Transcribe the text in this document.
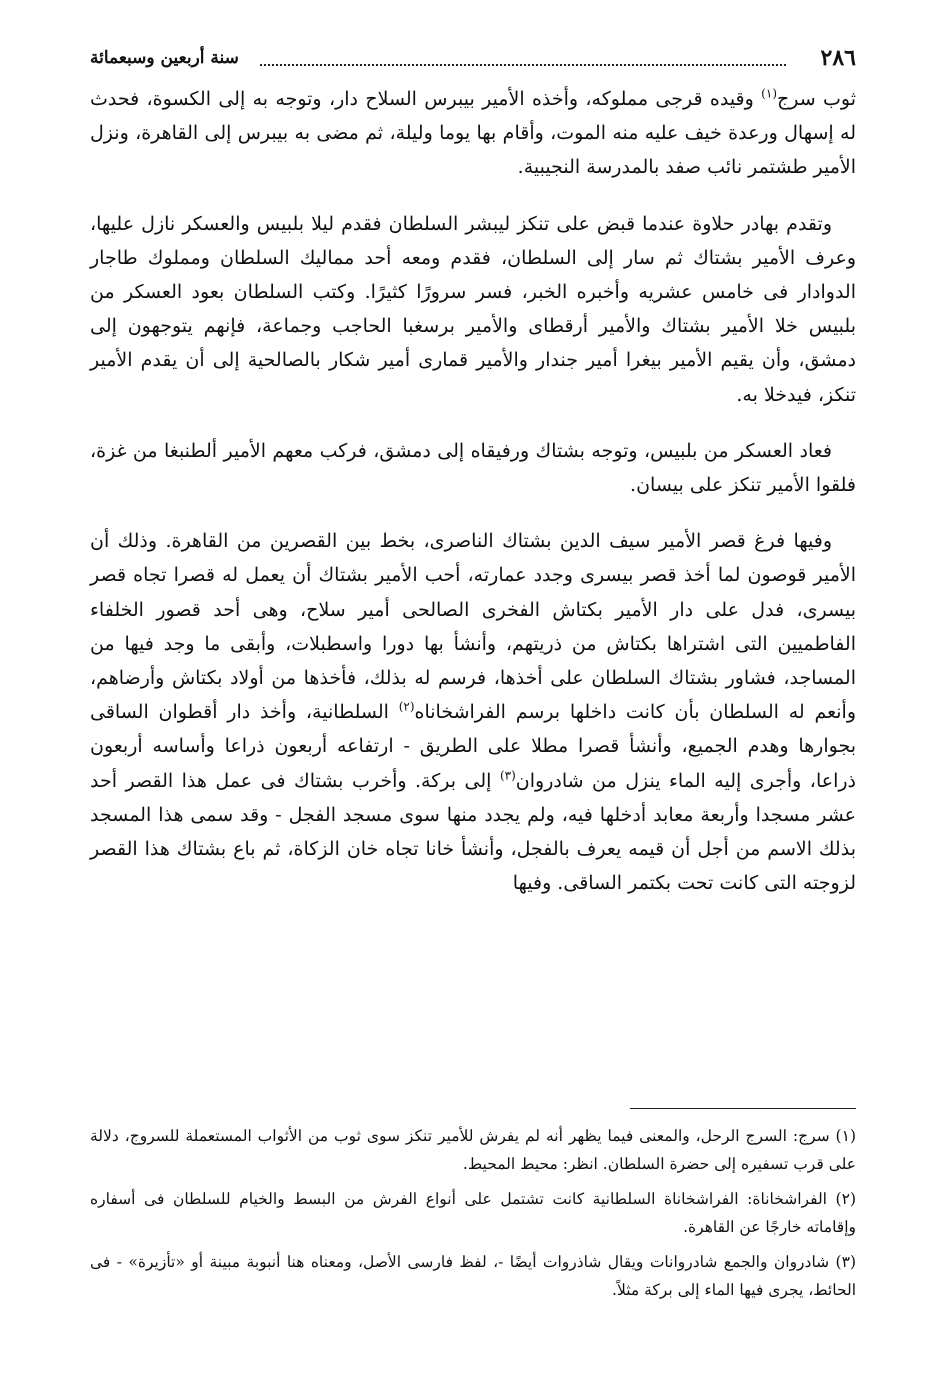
٢٨٦
سنة أربعين وسبعمائة

ثوب سرج$^{(١)}$ وقيده قرجى مملوكه، وأخذه الأمير بيبرس السلاح دار، وتوجه به إلى الكسوة، فحدث له إسهال ورعدة خيف عليه منه الموت، وأقام بها يوما وليلة، ثم مضى به بيبرس إلى القاهرة، ونزل الأمير طشتمر نائب صفد بالمدرسة النجيبية.

وتقدم بهادر حلاوة عندما قبض على تنكز ليبشر السلطان فقدم ليلا بلبيس والعسكر نازل عليها، وعرف الأمير بشتاك ثم سار إلى السلطان، فقدم ومعه أحد مماليك السلطان ومملوك طاجار الدوادار فى خامس عشريه وأخبره الخبر، فسر سرورًا كثيرًا. وكتب السلطان بعود العسكر من بلبيس خلا الأمير بشتاك والأمير أرقطاى والأمير برسغبا الحاجب وجماعة، فإنهم يتوجهون إلى دمشق، وأن يقيم الأمير بيغرا أمير جندار والأمير قمارى أمير شكار بالصالحية إلى أن يقدم الأمير تنكز، فيدخلا به.

فعاد العسكر من بلبيس، وتوجه بشتاك ورفيقاه إلى دمشق، فركب معهم الأمير ألطنبغا من غزة، فلقوا الأمير تنكز على بيسان.

وفيها فرغ قصر الأمير سيف الدين بشتاك الناصرى، بخط بين القصرين من القاهرة. وذلك أن الأمير قوصون لما أخذ قصر بيسرى وجدد عمارته، أحب الأمير بشتاك أن يعمل له قصرا تجاه قصر بيسرى، فدل على دار الأمير بكتاش الفخرى الصالحى أمير سلاح، وهى أحد قصور الخلفاء الفاطميين التى اشتراها بكتاش من ذريتهم، وأنشأ بها دورا واسطبلات، وأبقى ما وجد فيها من المساجد، فشاور بشتاك السلطان على أخذها، فرسم له بذلك، فأخذها من أولاد بكتاش وأرضاهم، وأنعم له السلطان بأن كانت داخلها برسم الفراشخاناه$^{(٢)}$ السلطانية، وأخذ دار أقطوان الساقى بجوارها وهدم الجميع، وأنشأ قصرا مطلا على الطريق - ارتفاعه أربعون ذراعا وأساسه أربعون ذراعا، وأجرى إليه الماء ينزل من شادروان$^{(٣)}$ إلى بركة. وأخرب بشتاك فى عمل هذا القصر أحد عشر مسجدا وأربعة معابد أدخلها فيه، ولم يجدد منها سوى مسجد الفجل - وقد سمى هذا المسجد بذلك الاسم من أجل أن قيمه يعرف بالفجل، وأنشأ خانا تجاه خان الزكاة، ثم باع بشتاك هذا القصر لزوجته التى كانت تحت بكتمر الساقى. وفيها

(١) سرج: السرج الرحل، والمعنى فيما يظهر أنه لم يفرش للأمير تنكز سوى ثوب من الأثواب المستعملة للسروج، دلالة على قرب تسفيره إلى حضرة السلطان. انظر: محيط المحيط.

(٢) الفراشخاناة: الفراشخاناة السلطانية كانت تشتمل على أنواع الفرش من البسط والخيام للسلطان فى أسفاره وإقاماته خارجًا عن القاهرة.

(٣) شادروان والجمع شادروانات ويقال شاذروات أيضًا -، لفظ فارسى الأصل، ومعناه هنا أنبوبة مبينة أو «تأزيرة» - فى الحائط، يجرى فيها الماء إلى بركة مثلاً.
